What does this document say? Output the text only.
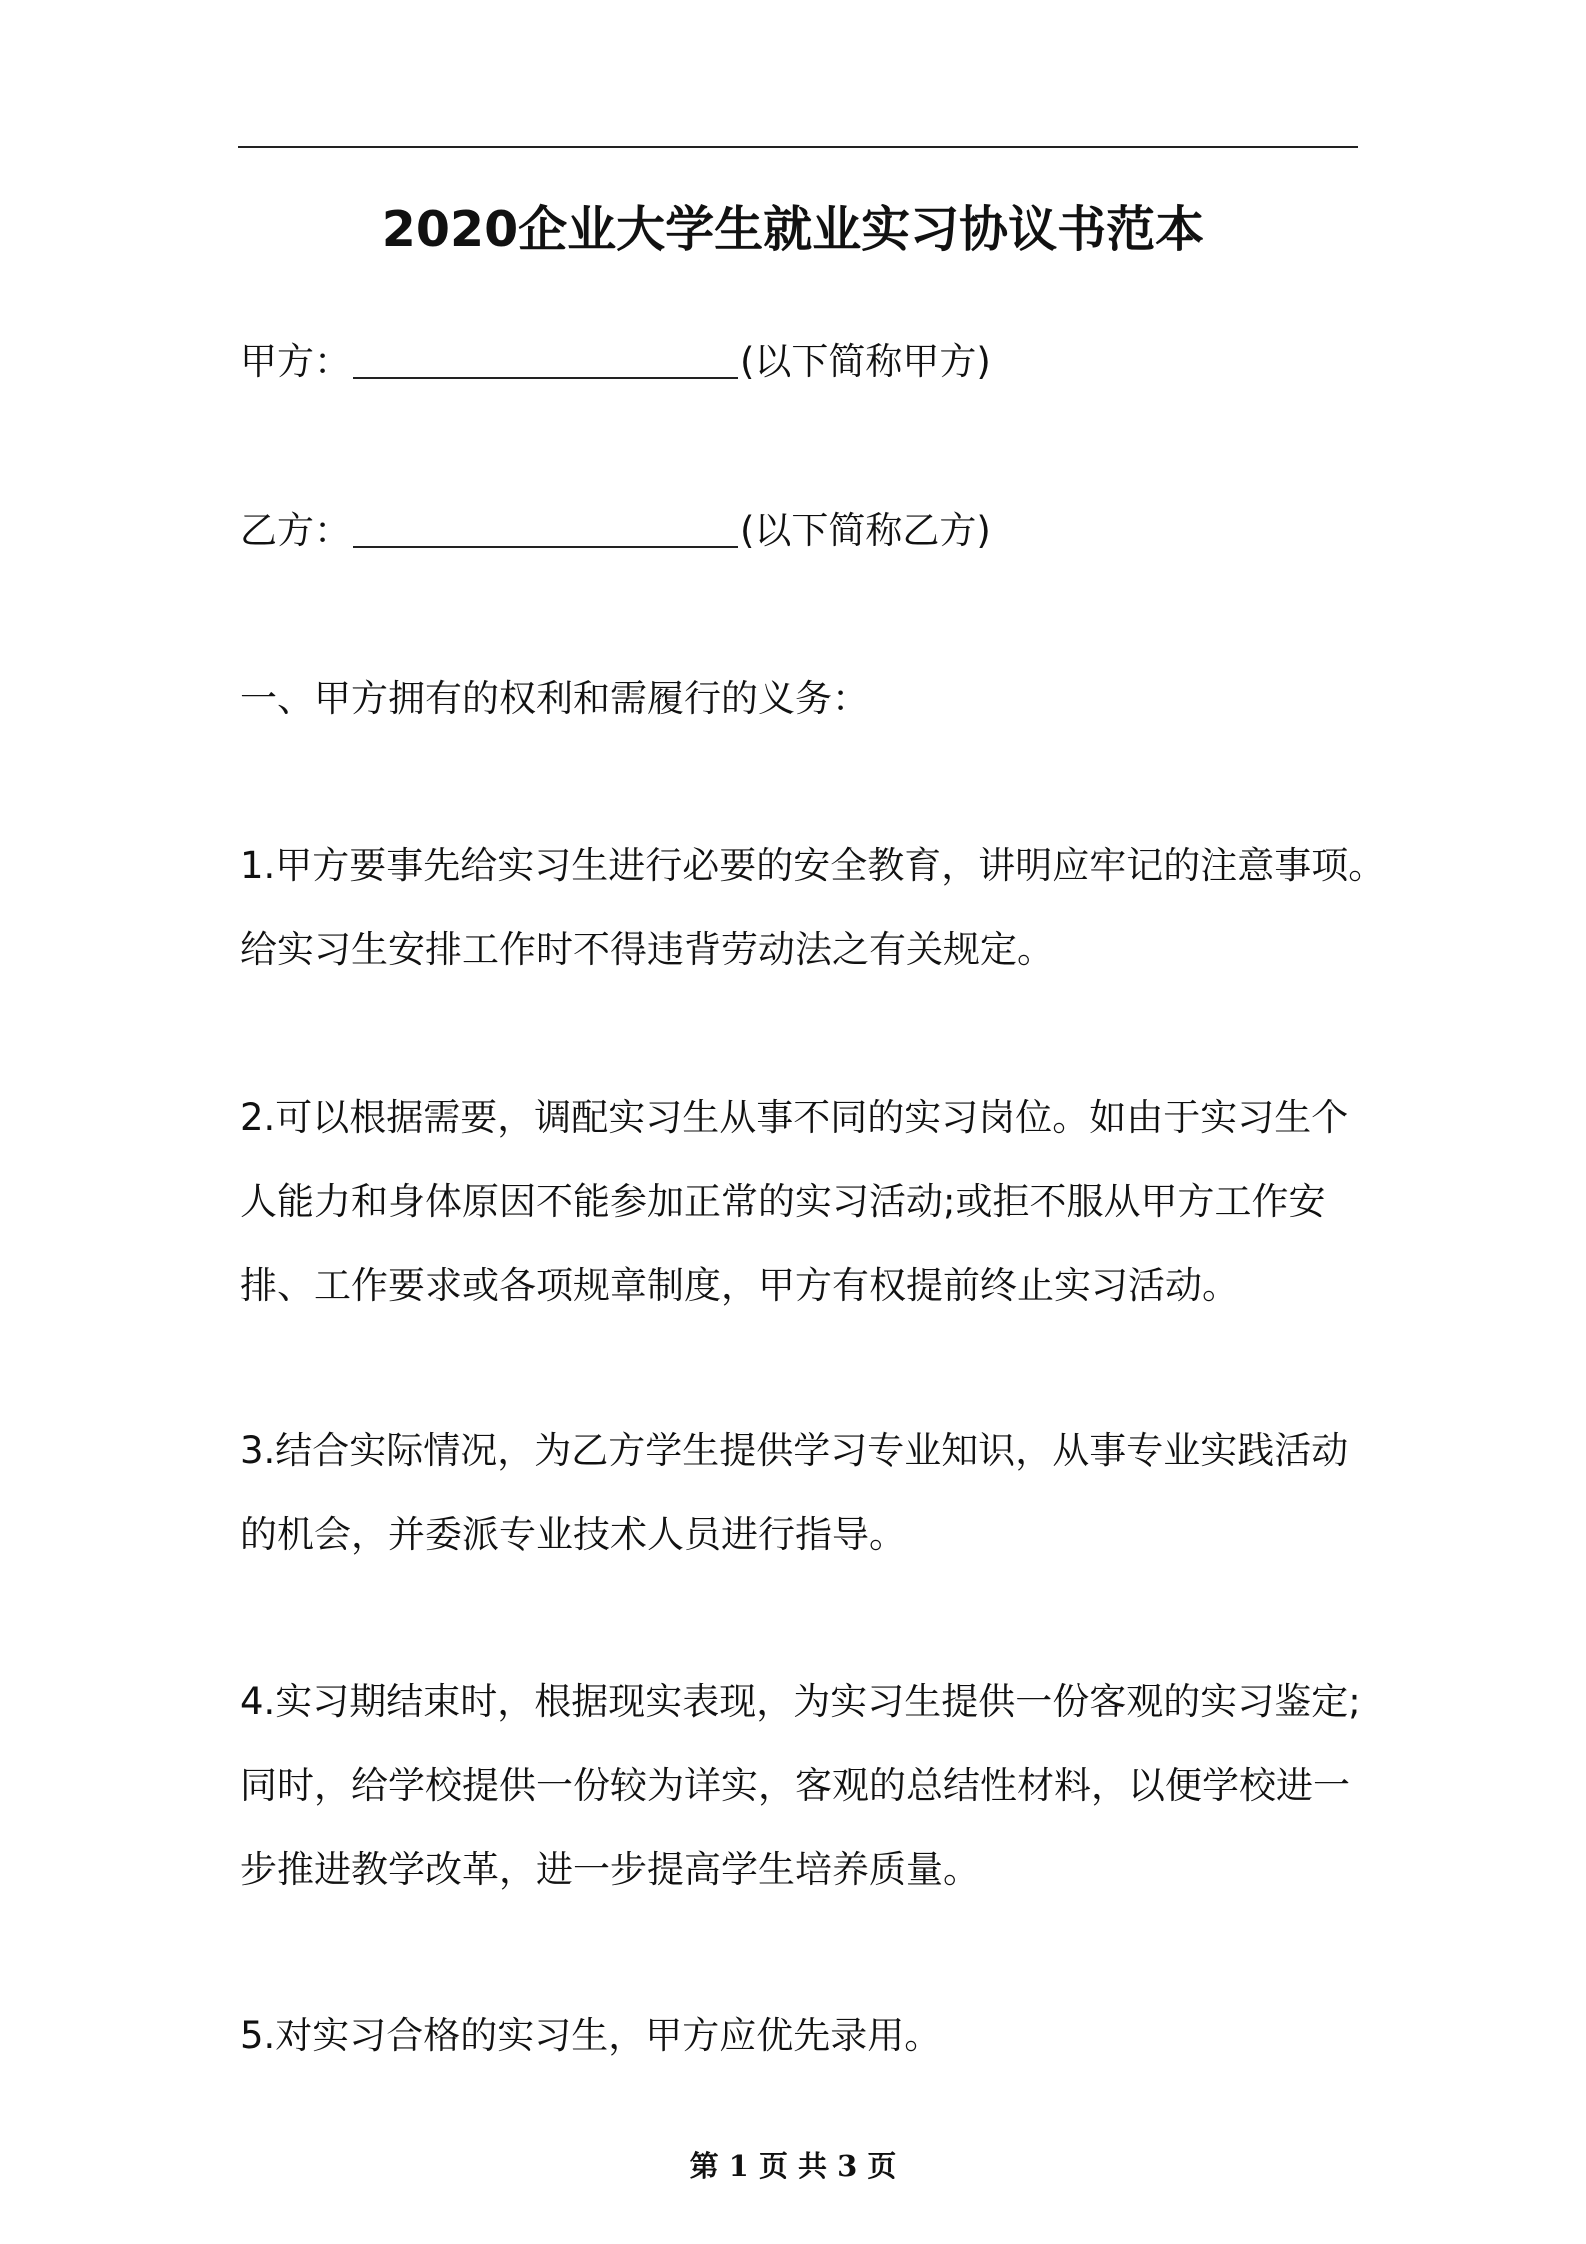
2020企业大学生就业实习协议书范本
甲方：	(以下简称甲方)
乙方：	(以下简称乙方)
一、甲方拥有的权利和需履行的义务：
1.甲方要事先给实习生进行必要的安全教育，讲明应牢记的注意事项。
给实习生安排工作时不得违背劳动法之有关规定。
2.可以根据需要，调配实习生从事不同的实习岗位。如由于实习生个
人能力和身体原因不能参加正常的实习活动;或拒不服从甲方工作安
排、工作要求或各项规章制度，甲方有权提前终止实习活动。
3.结合实际情况，为乙方学生提供学习专业知识，从事专业实践活动
的机会，并委派专业技术人员进行指导。
4.实习期结束时，根据现实表现，为实习生提供一份客观的实习鉴定;
同时，给学校提供一份较为详实，客观的总结性材料，以便学校进一
步推进教学改革，进一步提高学生培养质量。
5.对实习合格的实习生，甲方应优先录用。
第 1 页 共 3 页
